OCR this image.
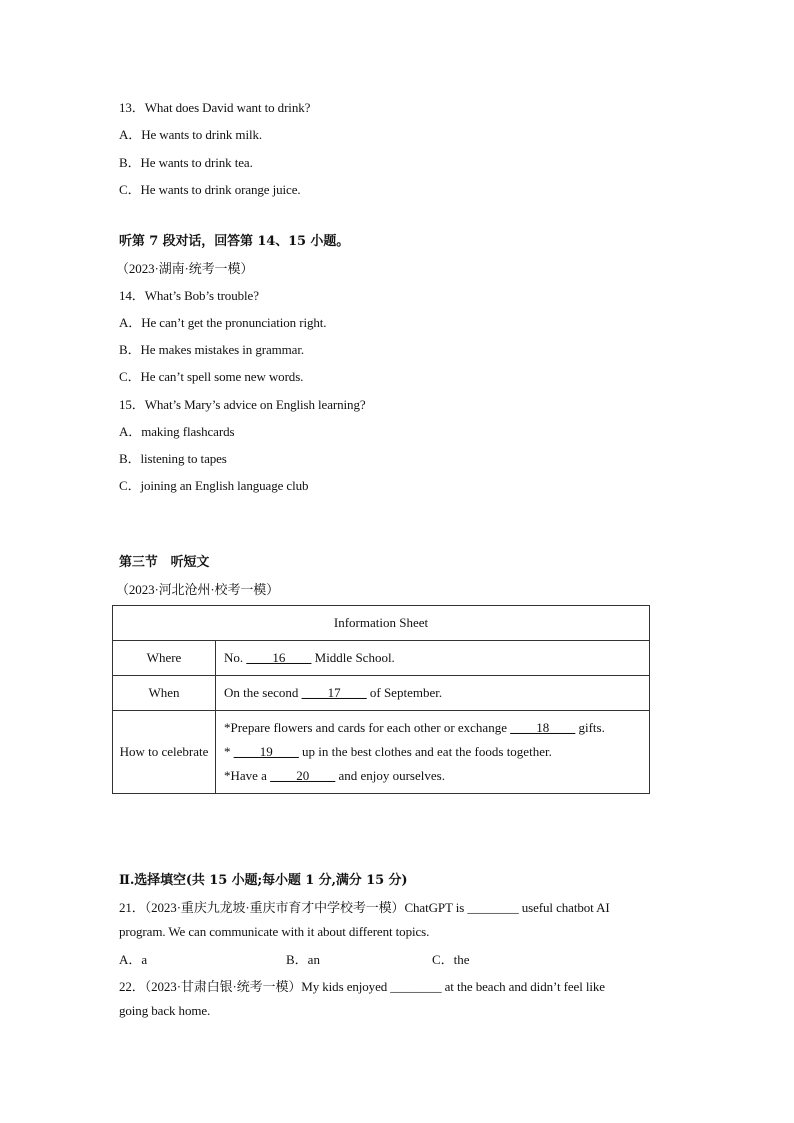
13．What does David want to drink?
A．He wants to drink milk.
B．He wants to drink tea.
C．He wants to drink orange juice.
听第 7 段对话，回答第 14、15 小题。
（2023·湖南·统考一模）
14．What’s Bob’s trouble?
A．He can’t get the pronunciation right.
B．He makes mistakes in grammar.
C．He can’t spell some new words.
15．What’s Mary’s advice on English learning?
A．making flashcards
B．listening to tapes
C．joining an English language club
第三节　听短文
（2023·河北沧州·校考一模）
Information Sheet	
Where	No. ____16____ Middle School.
When	On the second ____17____ of September.
How to celebrate	*Prepare flowers and cards for each other or exchange ____18____ gifts.
* ____19____ up in the best clothes and eat the foods together.
*Have a ____20____ and enjoy ourselves.
Ⅱ.选择填空(共 15 小题;每小题 1 分,满分 15 分)
21．（2023·重庆九龙坡·重庆市育才中学校考一模）ChatGPT is ________ useful chatbot AI
program. We can communicate with it about different topics.
A．a	B．an	C．the
22．（2023·甘肃白银·统考一模）My kids enjoyed ________ at the beach and didn’t feel like
going back home.
